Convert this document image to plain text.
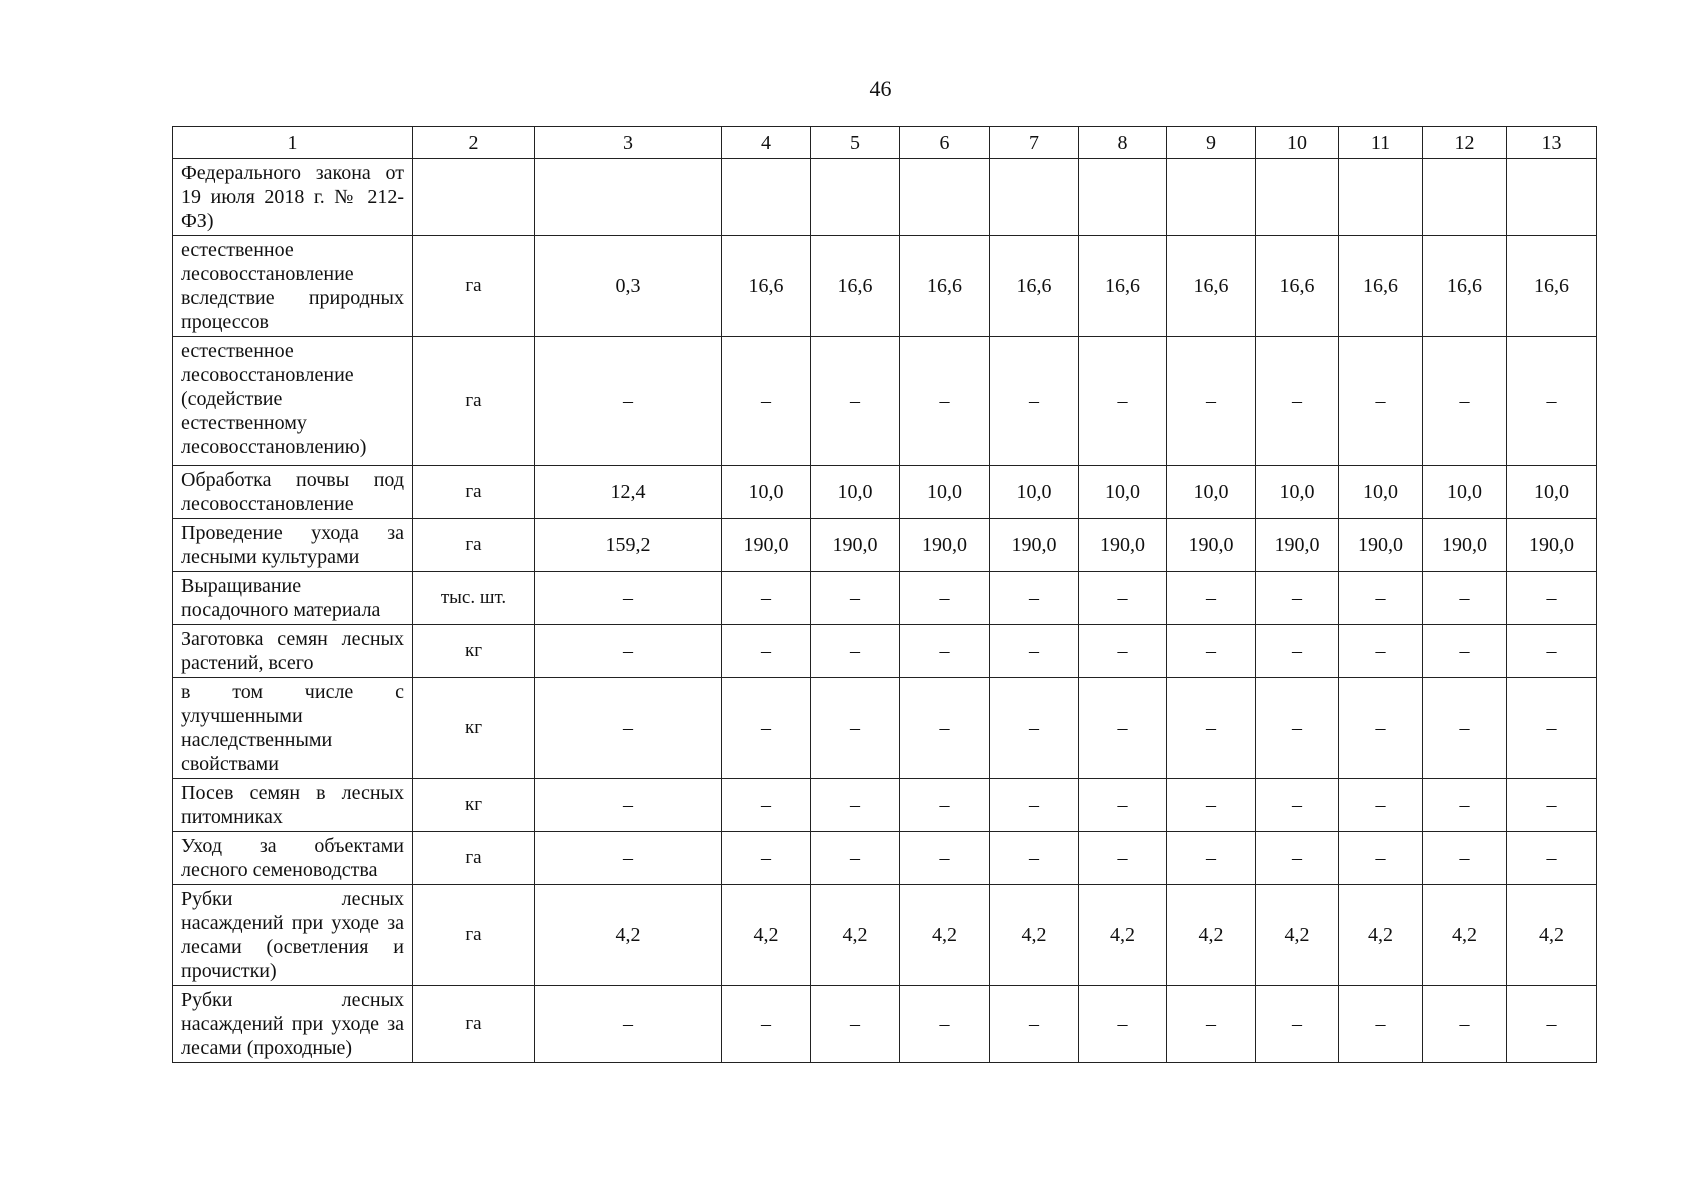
46
1	2	3	4	5	6	7	8	9	10	11	12	13
Федерального закона от 19 июля 2018 г. № 212-ФЗ)												
естественное лесовосстановление вследствие природных процессов	га	0,3	16,6	16,6	16,6	16,6	16,6	16,6	16,6	16,6	16,6	16,6
естественное лесовосстановление (содействие естественному лесовосстановлению)	га	–	–	–	–	–	–	–	–	–	–	–
Обработка почвы под лесовосстановление	га	12,4	10,0	10,0	10,0	10,0	10,0	10,0	10,0	10,0	10,0	10,0
Проведение ухода за лесными культурами	га	159,2	190,0	190,0	190,0	190,0	190,0	190,0	190,0	190,0	190,0	190,0
Выращивание посадочного материала	тыс. шт.	–	–	–	–	–	–	–	–	–	–	–
Заготовка семян лесных растений, всего	кг	–	–	–	–	–	–	–	–	–	–	–
в том числе с улучшенными наследственными свойствами	кг	–	–	–	–	–	–	–	–	–	–	–
Посев семян в лесных питомниках	кг	–	–	–	–	–	–	–	–	–	–	–
Уход за объектами лесного семеноводства	га	–	–	–	–	–	–	–	–	–	–	–
Рубки лесных насаждений при уходе за лесами (осветления и прочистки)	га	4,2	4,2	4,2	4,2	4,2	4,2	4,2	4,2	4,2	4,2	4,2
Рубки лесных насаждений при уходе за лесами (проходные)	га	–	–	–	–	–	–	–	–	–	–	–
